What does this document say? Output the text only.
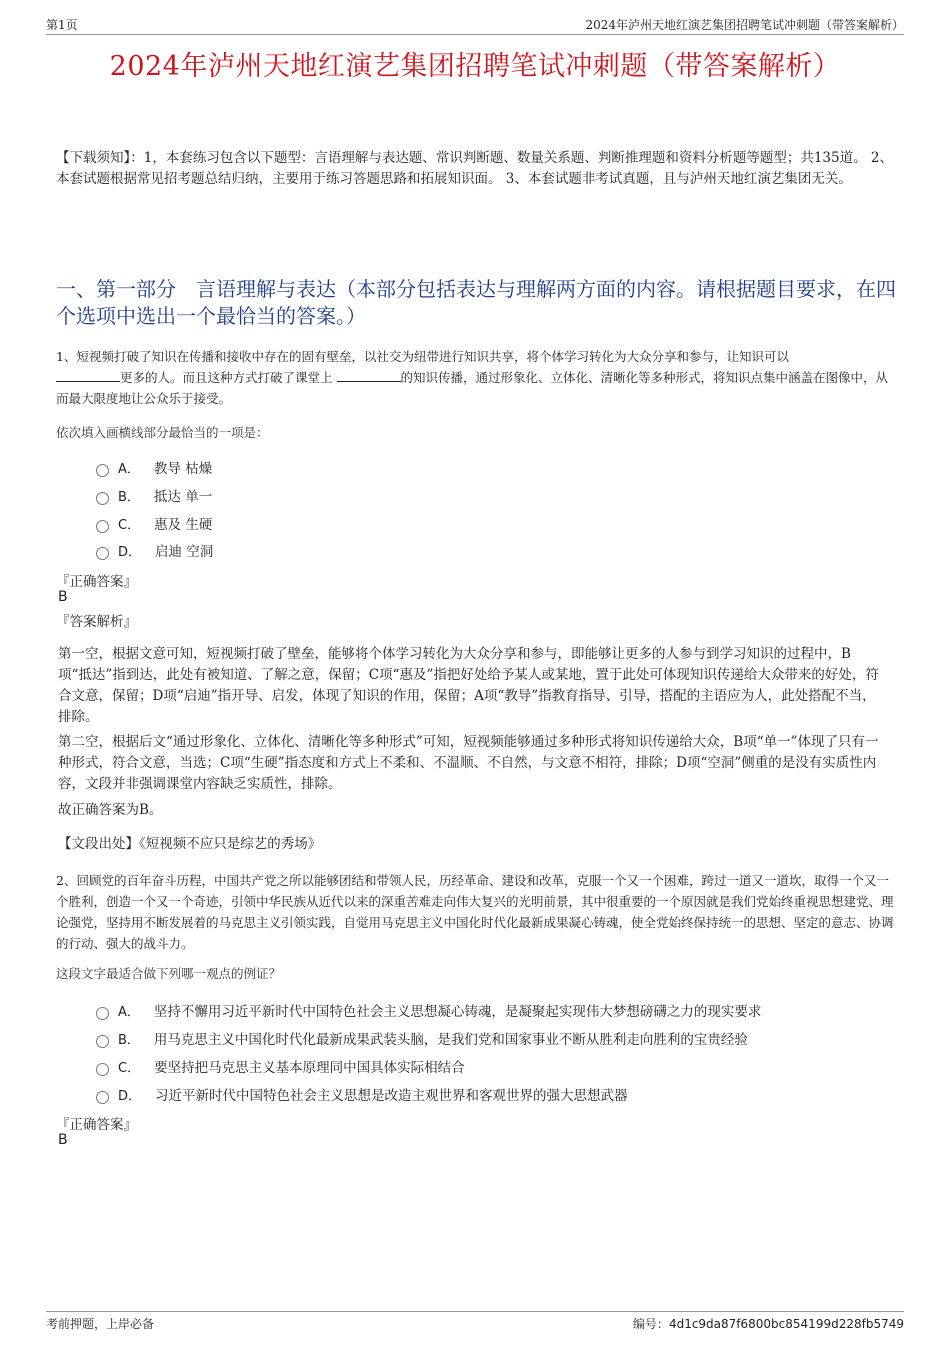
第1页	2024年泸州天地红演艺集团招聘笔试冲刺题（带答案解析）
2024年泸州天地红演艺集团招聘笔试冲刺题（带答案解析）
【下载须知】：1，本套练习包含以下题型：言语理解与表达题、常识判断题、数量关系题、判断推理题和资料分析题等题型；共135道。 2、本套试题根据常见招考题总结归纳，主要用于练习答题思路和拓展知识面。 3、本套试题非考试真题，且与泸州天地红演艺集团无关。
一、第一部分　言语理解与表达（本部分包括表达与理解两方面的内容。请根据题目要求，在四个选项中选出一个最恰当的答案。）
1、短视频打破了知识在传播和接收中存在的固有壁垒，以社交为纽带进行知识共享，将个体学习转化为大众分享和参与，让知识可以
更多的人。而且这种方式打破了课堂上	的知识传播，通过形象化、立体化、清晰化等多种形式，将知识点集中涵盖在图像中，从而最大限度地让公众乐于接受。
依次填入画横线部分最恰当的一项是：
A． 教导 枯燥
B． 抵达 单一
C． 惠及 生硬
D． 启迪 空洞
『正确答案』
B
『答案解析』
第一空，根据文意可知，短视频打破了壁垒，能够将个体学习转化为大众分享和参与，即能够让更多的人参与到学习知识的过程中，B项“抵达”指到达，此处有被知道、了解之意，保留；C项“惠及”指把好处给予某人或某地，置于此处可体现知识传递给大众带来的好处，符合文意，保留；D项“启迪”指开导、启发，体现了知识的作用，保留；A项“教导”指教育指导、引导，搭配的主语应为人，此处搭配不当，排除。
第二空，根据后文“通过形象化、立体化、清晰化等多种形式”可知，短视频能够通过多种形式将知识传递给大众，B项“单一”体现了只有一种形式，符合文意，当选；C项“生硬”指态度和方式上不柔和、不温顺、不自然，与文意不相符，排除；D项“空洞”侧重的是没有实质性内容，文段并非强调课堂内容缺乏实质性，排除。
故正确答案为B。
【文段出处】《短视频不应只是综艺的秀场》
2、回顾党的百年奋斗历程，中国共产党之所以能够团结和带领人民，历经革命、建设和改革，克服一个又一个困难，跨过一道又一道坎，取得一个又一个胜利，创造一个又一个奇迹，引领中华民族从近代以来的深重苦难走向伟大复兴的光明前景，其中很重要的一个原因就是我们党始终重视思想建党、理论强党，坚持用不断发展着的马克思主义引领实践，自觉用马克思主义中国化时代化最新成果凝心铸魂，使全党始终保持统一的思想、坚定的意志、协调的行动、强大的战斗力。
这段文字最适合做下列哪一观点的例证？
A． 坚持不懈用习近平新时代中国特色社会主义思想凝心铸魂，是凝聚起实现伟大梦想磅礴之力的现实要求
B． 用马克思主义中国化时代化最新成果武装头脑，是我们党和国家事业不断从胜利走向胜利的宝贵经验
C． 要坚持把马克思主义基本原理同中国具体实际相结合
D． 习近平新时代中国特色社会主义思想是改造主观世界和客观世界的强大思想武器
『正确答案』
B
考前押题，上岸必备	编号：4d1c9da87f6800bc854199d228fb5749
